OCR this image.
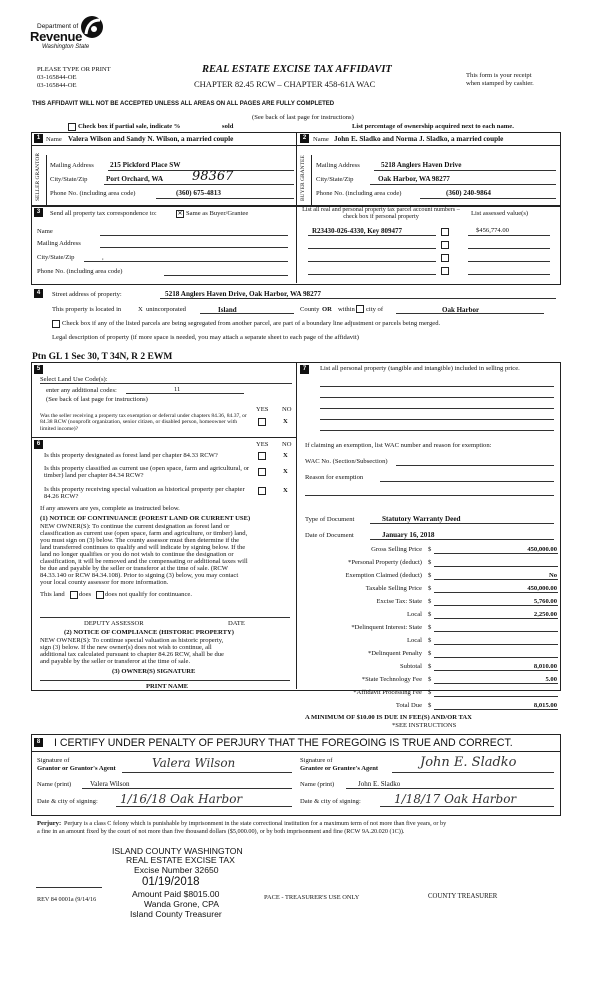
Department of
Revenue
Washington State
PLEASE TYPE OR PRINT
03-165844-OE
03-165844-OE
REAL ESTATE EXCISE TAX AFFIDAVIT
CHAPTER 82.45 RCW – CHAPTER 458-61A WAC
This form is your receipt
when stamped by cashier.
THIS AFFIDAVIT WILL NOT BE ACCEPTED UNLESS ALL AREAS ON ALL PAGES ARE FULLY COMPLETED
(See back of last page for instructions)
Check box if partial sale, indicate %	sold	List percentage of ownership acquired next to each name.
1 Name Valera Wilson and Sandy N. Wilson, a married couple
SELLER GRANTOR Mailing Address 215 Pickford Place SW
City/State/Zip	Port Orchard, WA 98367
Phone No. (including area code)	(360) 675-4813
2	Name John E. Sladko and Norma J. Sladko, a married couple
BUYER GRANTEE Mailing Address	5218 Anglers Haven Drive
City/State/Zip	Oak Harbor, WA 98277
Phone No. (including area code)	(360) 240-9864
3	Send all property tax correspondence to:	✕ Same as Buyer/Grantee
Name
Mailing Address
City/State/Zip	,
Phone No. (including area code)
List all real and personal property tax parcel account numbers – check box if personal property	List assessed value(s)
R23430-026-4330, Key 809477	$456,774.00
4	Street address of property:	5218 Anglers Haven Drive, Oak Harbor, WA 98277
This property is located in	X unincorporated	Island	County OR within city of	Oak Harbor
Check box if any of the listed parcels are being segregated from another parcel, are part of a boundary line adjustment or parcels being merged.
Legal description of property (if more space is needed, you may attach a separate sheet to each page of the affidavit)
Ptn GL 1 Sec 30, T 34N, R 2 EWM
5
Select Land Use Code(s):
enter any additional codes:	11
(See back of last page for instructions)
YES NO
Was the seller receiving a property tax exemption or deferral under chapters 84.36, 84.37, or 84.38 RCW (nonprofit organization, senior citizen, or disabled person, homeowner with limited income)?
X
6	YES NO
Is this property designated as forest land per chapter 84.33 RCW?	X
Is this property classified as current use (open space, farm and agricultural, or timber) land per chapter 84.34 RCW?
X
Is this property receiving special valuation as historical property per chapter 84.26 RCW?
X
If any answers are yes, complete as instructed below.
(1) NOTICE OF CONTINUANCE (FOREST LAND OR CURRENT USE)
NEW OWNER(S): To continue the current designation as forest land or
classification as current use (open space, farm and agriculture, or timber) land,
you must sign on (3) below. The county assessor must then determine if the
land transferred continues to qualify and will indicate by signing below. If the
land no longer qualifies or you do not wish to continue the designation or
classification, it will be removed and the compensating or additional taxes will
be due and payable by the seller or transferor at the time of sale. (RCW
84.33.140 or RCW 84.34.108). Prior to signing (3) below, you may contact
your local county assessor for more information.
This land does does not qualify for continuance.
DEPUTY ASSESSOR	DATE
(2) NOTICE OF COMPLIANCE (HISTORIC PROPERTY)
NEW OWNER(S): To continue special valuation as historic property,
sign (3) below. If the new owner(s) does not wish to continue, all
additional tax calculated pursuant to chapter 84.26 RCW, shall be due
and payable by the seller or transferor at the time of sale.
(3) OWNER(S) SIGNATURE
PRINT NAME
7	List all personal property (tangible and intangible) included in selling price.
If claiming an exemption, list WAC number and reason for exemption:
WAC No. (Section/Subsection)
Reason for exemption
Type of Document	Statutory Warranty Deed
Date of Document	January 16, 2018
Gross Selling Price $	450,000.00
*Personal Property (deduct) $
Exemption Claimed (deduct) $	No
Taxable Selling Price $	450,000.00
Excise Tax: State $	5,760.00
Local $	2,250.00
*Delinquent Interest: State $
Local $
*Delinquent Penalty $
Subtotal $	8,010.00
*State Technology Fee $	5.00
*Affidavit Processing Fee $
Total Due $	8,015.00
A MINIMUM OF $10.00 IS DUE IN FEE(S) AND/OR TAX
*SEE INSTRUCTIONS
8 I CERTIFY UNDER PENALTY OF PERJURY THAT THE FOREGOING IS TRUE AND CORRECT.
Signature of
Grantor or Grantor's Agent	Valera Wilson
Name (print)	Valera Wilson
Date & city of signing: 1/16/18 Oak Harbor
Signature of
Grantee or Grantee's Agent	John E. Sladko
Name (print)	John E. Sladko
Date & city of signing:	1/18/17 Oak Harbor
Perjury: Perjury is a class C felony which is punishable by imprisonment in the state correctional institution for a maximum term of not more than five years, or by
a fine in an amount fixed by the court of not more than five thousand dollars ($5,000.00), or by both imprisonment and fine (RCW 9A.20.020 (1C)).
ISLAND COUNTY WASHINGTON
REAL ESTATE EXCISE TAX
Excise Number 32650
01/19/2018
Amount Paid $8015.00
Wanda Grone, CPA
Island County Treasurer
REV 84 0001a (9/14/16	PACE - TREASURER'S USE ONLY	COUNTY TREASURER
